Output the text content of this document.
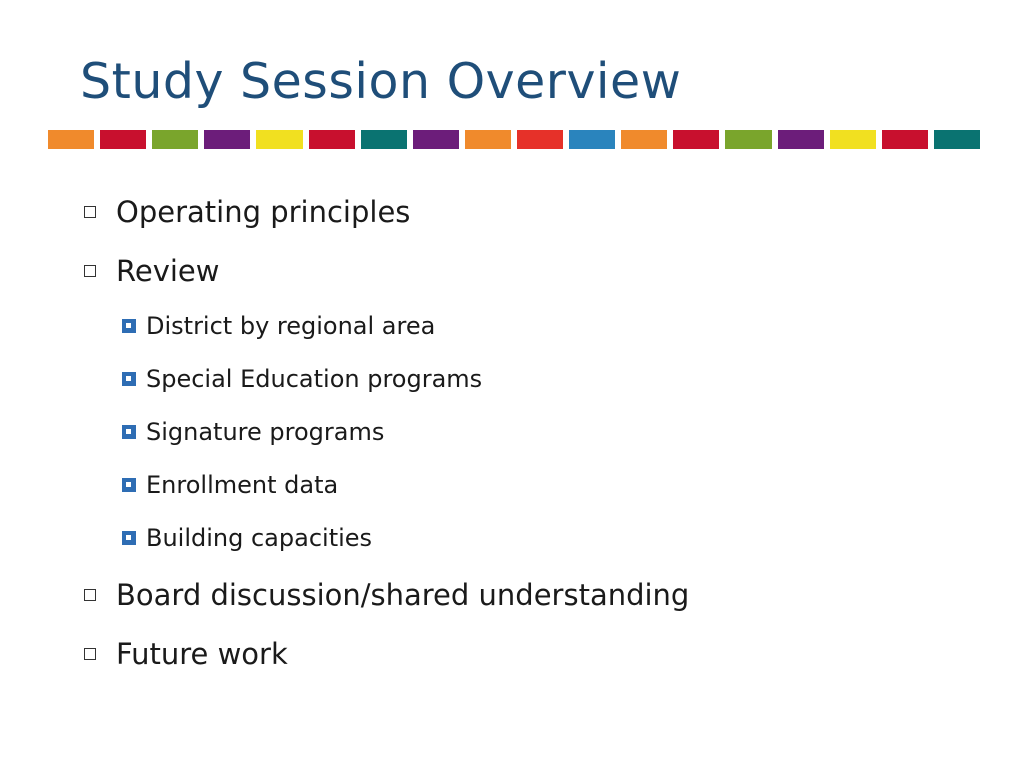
Study Session Overview
Operating principles
Review
District by regional area
Special Education programs
Signature programs
Enrollment data
Building capacities
Board discussion/shared understanding
Future work
